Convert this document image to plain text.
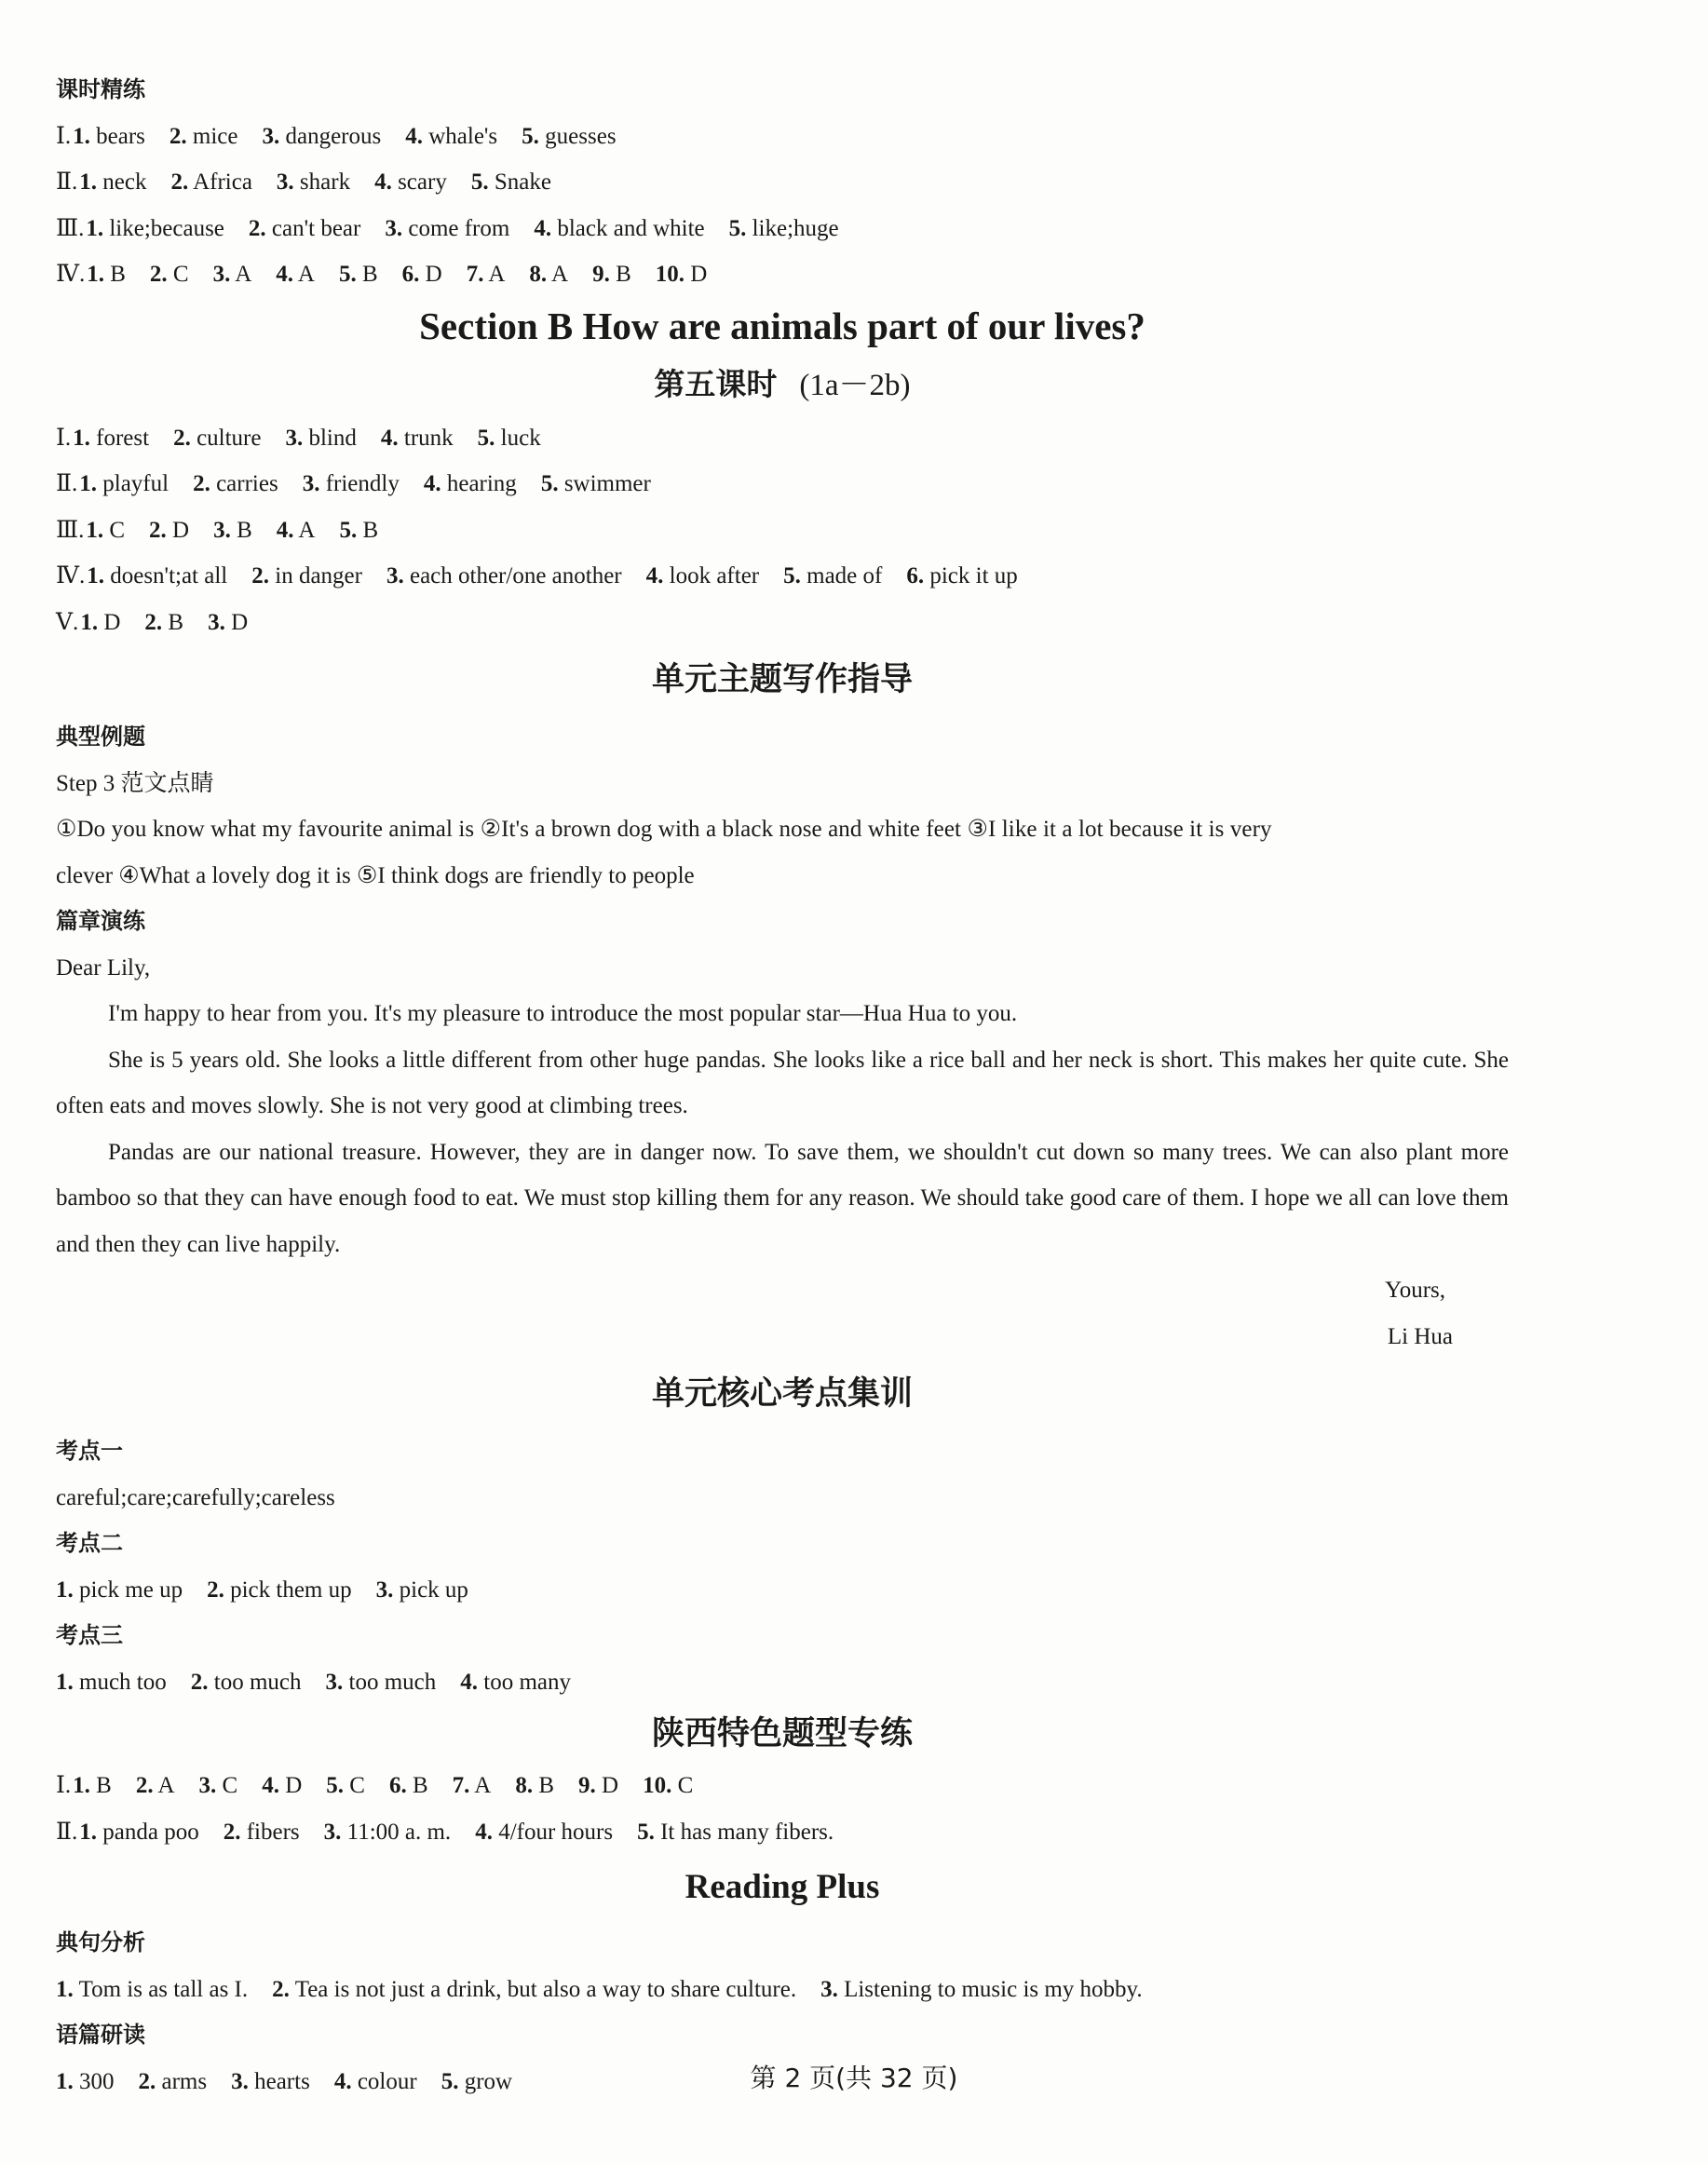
课时精练
Ⅰ.1. bears 2. mice 3. dangerous 4. whale's 5. guesses
Ⅱ.1. neck 2. Africa 3. shark 4. scary 5. Snake
Ⅲ.1. like;because 2. can't bear 3. come from 4. black and white 5. like;huge
Ⅳ.1. B 2. C 3. A 4. A 5. B 6. D 7. A 8. A 9. B 10. D
Section B How are animals part of our lives?
第五课时 (1a－2b)
Ⅰ.1. forest 2. culture 3. blind 4. trunk 5. luck
Ⅱ.1. playful 2. carries 3. friendly 4. hearing 5. swimmer
Ⅲ.1. C 2. D 3. B 4. A 5. B
Ⅳ.1. doesn't;at all 2. in danger 3. each other/one another 4. look after 5. made of 6. pick it up
Ⅴ.1. D 2. B 3. D
单元主题写作指导
典型例题
Step 3 范文点睛
①Do you know what my favourite animal is ②It's a brown dog with a black nose and white feet ③I like it a lot because it is very
clever ④What a lovely dog it is ⑤I think dogs are friendly to people
篇章演练
Dear Lily,
I'm happy to hear from you. It's my pleasure to introduce the most popular star—Hua Hua to you.
She is 5 years old. She looks a little different from other huge pandas. She looks like a rice ball and her neck is short. This makes her quite cute. She often eats and moves slowly. She is not very good at climbing trees.
Pandas are our national treasure. However, they are in danger now. To save them, we shouldn't cut down so many trees. We can also plant more bamboo so that they can have enough food to eat. We must stop killing them for any reason. We should take good care of them. I hope we all can love them and then they can live happily.
Yours,
Li Hua
单元核心考点集训
考点一
careful;care;carefully;careless
考点二
1. pick me up 2. pick them up 3. pick up
考点三
1. much too 2. too much 3. too much 4. too many
陕西特色题型专练
Ⅰ.1. B 2. A 3. C 4. D 5. C 6. B 7. A 8. B 9. D 10. C
Ⅱ.1. panda poo 2. fibers 3. 11:00 a. m. 4. 4/four hours 5. It has many fibers.
Reading Plus
典句分析
1. Tom is as tall as I. 2. Tea is not just a drink, but also a way to share culture. 3. Listening to music is my hobby.
语篇研读
1. 300 2. arms 3. hearts 4. colour 5. grow	第 2 页(共 32 页)
